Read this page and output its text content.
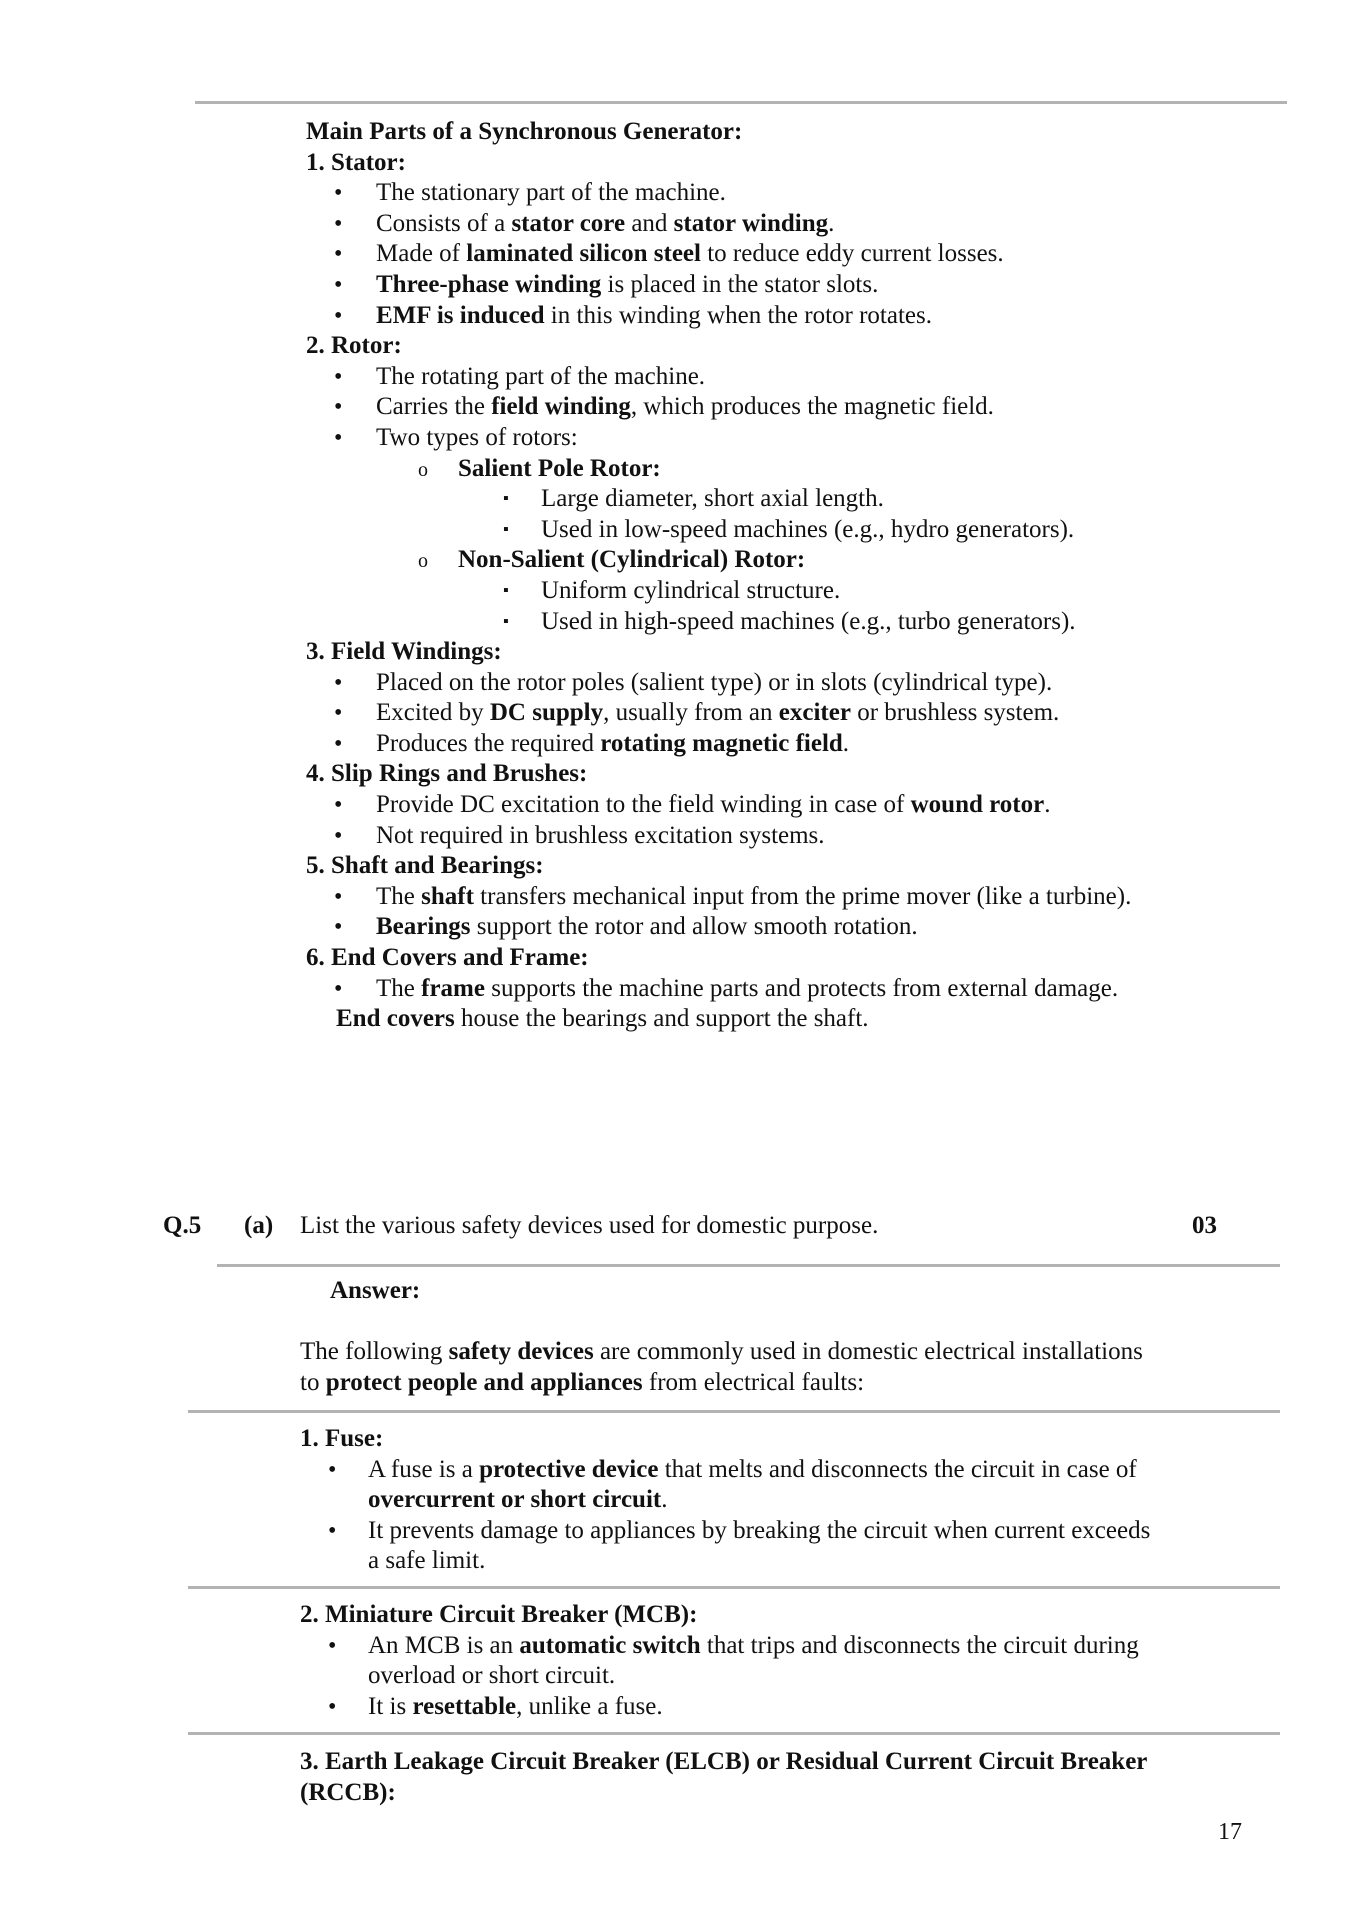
Main Parts of a Synchronous Generator:
1. Stator:
• The stationary part of the machine.
• Consists of a stator core and stator winding.
• Made of laminated silicon steel to reduce eddy current losses.
• Three-phase winding is placed in the stator slots.
• EMF is induced in this winding when the rotor rotates.
2. Rotor:
• The rotating part of the machine.
• Carries the field winding, which produces the magnetic field.
• Two types of rotors:
o Salient Pole Rotor:
▪ Large diameter, short axial length.
▪ Used in low-speed machines (e.g., hydro generators).
o Non-Salient (Cylindrical) Rotor:
▪ Uniform cylindrical structure.
▪ Used in high-speed machines (e.g., turbo generators).
3. Field Windings:
• Placed on the rotor poles (salient type) or in slots (cylindrical type).
• Excited by DC supply, usually from an exciter or brushless system.
• Produces the required rotating magnetic field.
4. Slip Rings and Brushes:
• Provide DC excitation to the field winding in case of wound rotor.
• Not required in brushless excitation systems.
5. Shaft and Bearings:
• The shaft transfers mechanical input from the prime mover (like a turbine).
• Bearings support the rotor and allow smooth rotation.
6. End Covers and Frame:
• The frame supports the machine parts and protects from external damage.
End covers house the bearings and support the shaft.
Q.5 (a) List the various safety devices used for domestic purpose.	03
Answer:
The following safety devices are commonly used in domestic electrical installations to protect people and appliances from electrical faults:
1. Fuse:
• A fuse is a protective device that melts and disconnects the circuit in case of overcurrent or short circuit.
• It prevents damage to appliances by breaking the circuit when current exceeds a safe limit.
2. Miniature Circuit Breaker (MCB):
• An MCB is an automatic switch that trips and disconnects the circuit during overload or short circuit.
• It is resettable, unlike a fuse.
3. Earth Leakage Circuit Breaker (ELCB) or Residual Current Circuit Breaker (RCCB):
17
